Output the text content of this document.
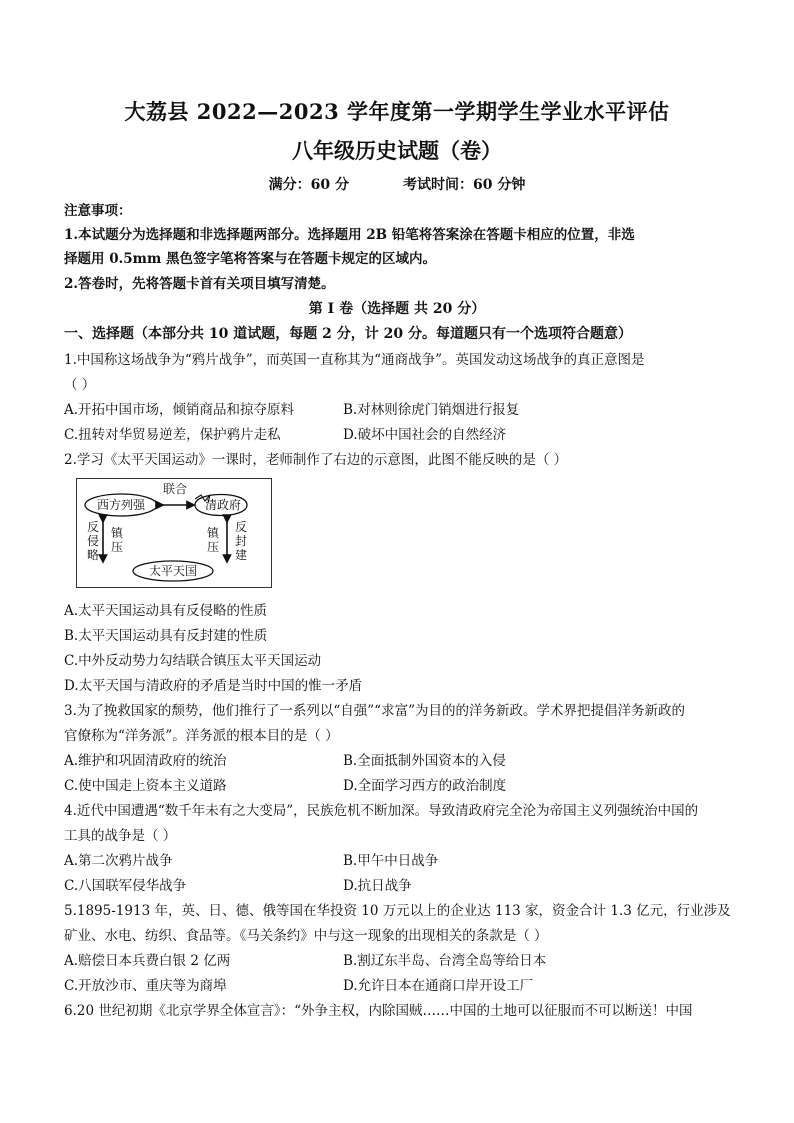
大荔县 2022—2023 学年度第一学期学生学业水平评估
八年级历史试题（卷）
满分：60 分	考试时间：60 分钟
注意事项：
1.本试题分为选择题和非选择题两部分。选择题用 2B 铅笔将答案涂在答题卡相应的位置，非选
择题用 0.5mm 黑色签字笔将答案与在答题卡规定的区域内。
2.答卷时，先将答题卡首有关项目填写清楚。
第 I 卷（选择题 共 20 分）
一、选择题（本部分共 10 道试题，每题 2 分，计 20 分。每道题只有一个选项符合题意）
1.中国称这场战争为“鸦片战争”，而英国一直称其为“通商战争”。英国发动这场战争的真正意图是
（ ）
A.开拓中国市场，倾销商品和掠夺原料	B.对林则徐虎门销烟进行报复
C.扭转对华贸易逆差，保护鸦片走私	D.破坏中国社会的自然经济
2.学习《太平天国运动》一课时，老师制作了右边的示意图，此图不能反映的是（ ）
西方列强	清政府
联合
太平天国
反
侵
略
镇
压
镇
压
反
封
建
A.太平天国运动具有反侵略的性质
B.太平天国运动具有反封建的性质
C.中外反动势力勾结联合镇压太平天国运动
D.太平天国与清政府的矛盾是当时中国的惟一矛盾
3.为了挽救国家的颓势，他们推行了一系列以“自强”“求富”为目的的洋务新政。学术界把提倡洋务新政的
官僚称为“洋务派”。洋务派的根本目的是（ ）
A.维护和巩固清政府的统治	B.全面抵制外国资本的入侵
C.使中国走上资本主义道路	D.全面学习西方的政治制度
4.近代中国遭遇“数千年未有之大变局”，民族危机不断加深。导致清政府完全沦为帝国主义列强统治中国的
工具的战争是（ ）
A.第二次鸦片战争	B.甲午中日战争
C.八国联军侵华战争	D.抗日战争
5.1895-1913 年，英、日、德、俄等国在华投资 10 万元以上的企业达 113 家，资金合计 1.3 亿元，行业涉及
矿业、水电、纺织、食品等。《马关条约》中与这一现象的出现相关的条款是（ ）
A.赔偿日本兵费白银 2 亿两	B.割辽东半岛、台湾全岛等给日本
C.开放沙市、重庆等为商埠	D.允许日本在通商口岸开设工厂
6.20 世纪初期《北京学界全体宣言》：“外争主权，内除国贼……中国的土地可以征服而不可以断送！中国
